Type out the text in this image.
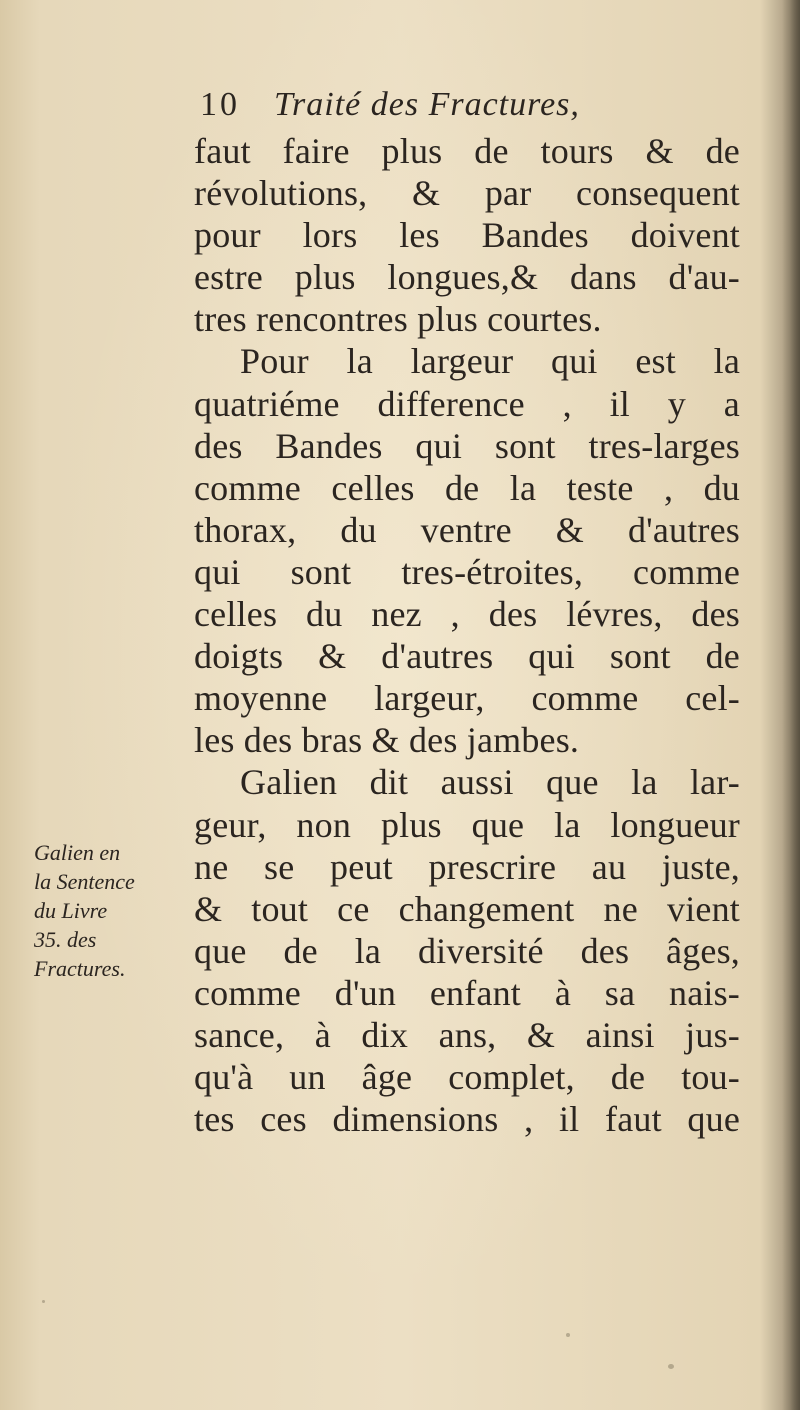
10 Traité des Fractures,
faut faire plus de tours & de
révolutions, & par consequent
pour lors les Bandes doivent
estre plus longues,& dans d'au-
tres rencontres plus courtes.
Pour la largeur qui est la
quatriéme difference , il y a
des Bandes qui sont tres-larges
comme celles de la teste , du
thorax, du ventre & d'autres
qui sont tres-étroites, comme
celles du nez , des lévres, des
doigts & d'autres qui sont de
moyenne largeur, comme cel-
les des bras & des jambes.
Galien dit aussi que la lar-
geur, non plus que la longueur
ne se peut prescrire au juste,
& tout ce changement ne vient
que de la diversité des âges,
comme d'un enfant à sa nais-
sance, à dix ans, & ainsi jus-
qu'à un âge complet, de tou-
tes ces dimensions , il faut que
Galien en
la Sentence
du Livre
35. des
Fractures.
